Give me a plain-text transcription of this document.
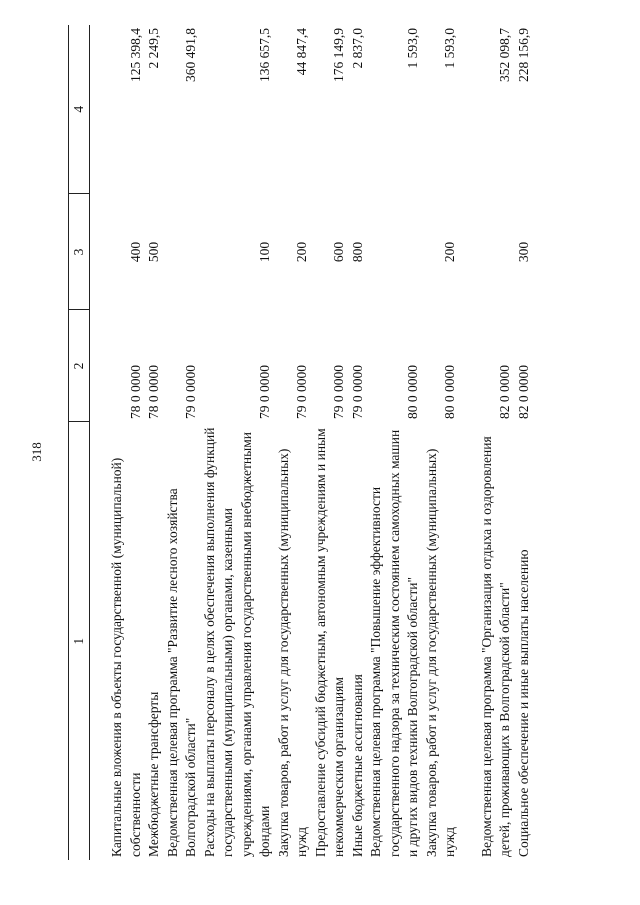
318
1	2	3	4

Капитальные вложения в объекты государственной (муниципальной) собственности	78 0 0000	400	125 398,4
Межбюджетные трансферты	78 0 0000	500	2 249,5
Ведомственная целевая программа "Развитие лесного хозяйства Волгоградской области"	79 0 0000		360 491,8
Расходы на выплаты персоналу в целях обеспечения выполнения функций государственными (муниципальными) органами, казенными учреждениями, органами управления государственными внебюджетными фондами	79 0 0000	100	136 657,5
Закупка товаров, работ и услуг для государственных (муниципальных) нужд	79 0 0000	200	44 847,4
Предоставление субсидий бюджетным, автономным учреждениям и иным некоммерческим организациям	79 0 0000	600	176 149,9
Иные бюджетные ассигнования	79 0 0000	800	2 837,0
Ведомственная целевая программа "Повышение эффективности государственного надзора за техническим состоянием самоходных машин и других видов техники Волгоградской области"	80 0 0000		1 593,0
Закупка товаров, работ и услуг для государственных (муниципальных) нужд	80 0 0000	200	1 593,0

Ведомственная целевая программа "Организация отдыха и оздоровления детей, проживающих в Волгоградской области"	82 0 0000		352 098,7
Социальное обеспечение и иные выплаты населению	82 0 0000	300	228 156,9
